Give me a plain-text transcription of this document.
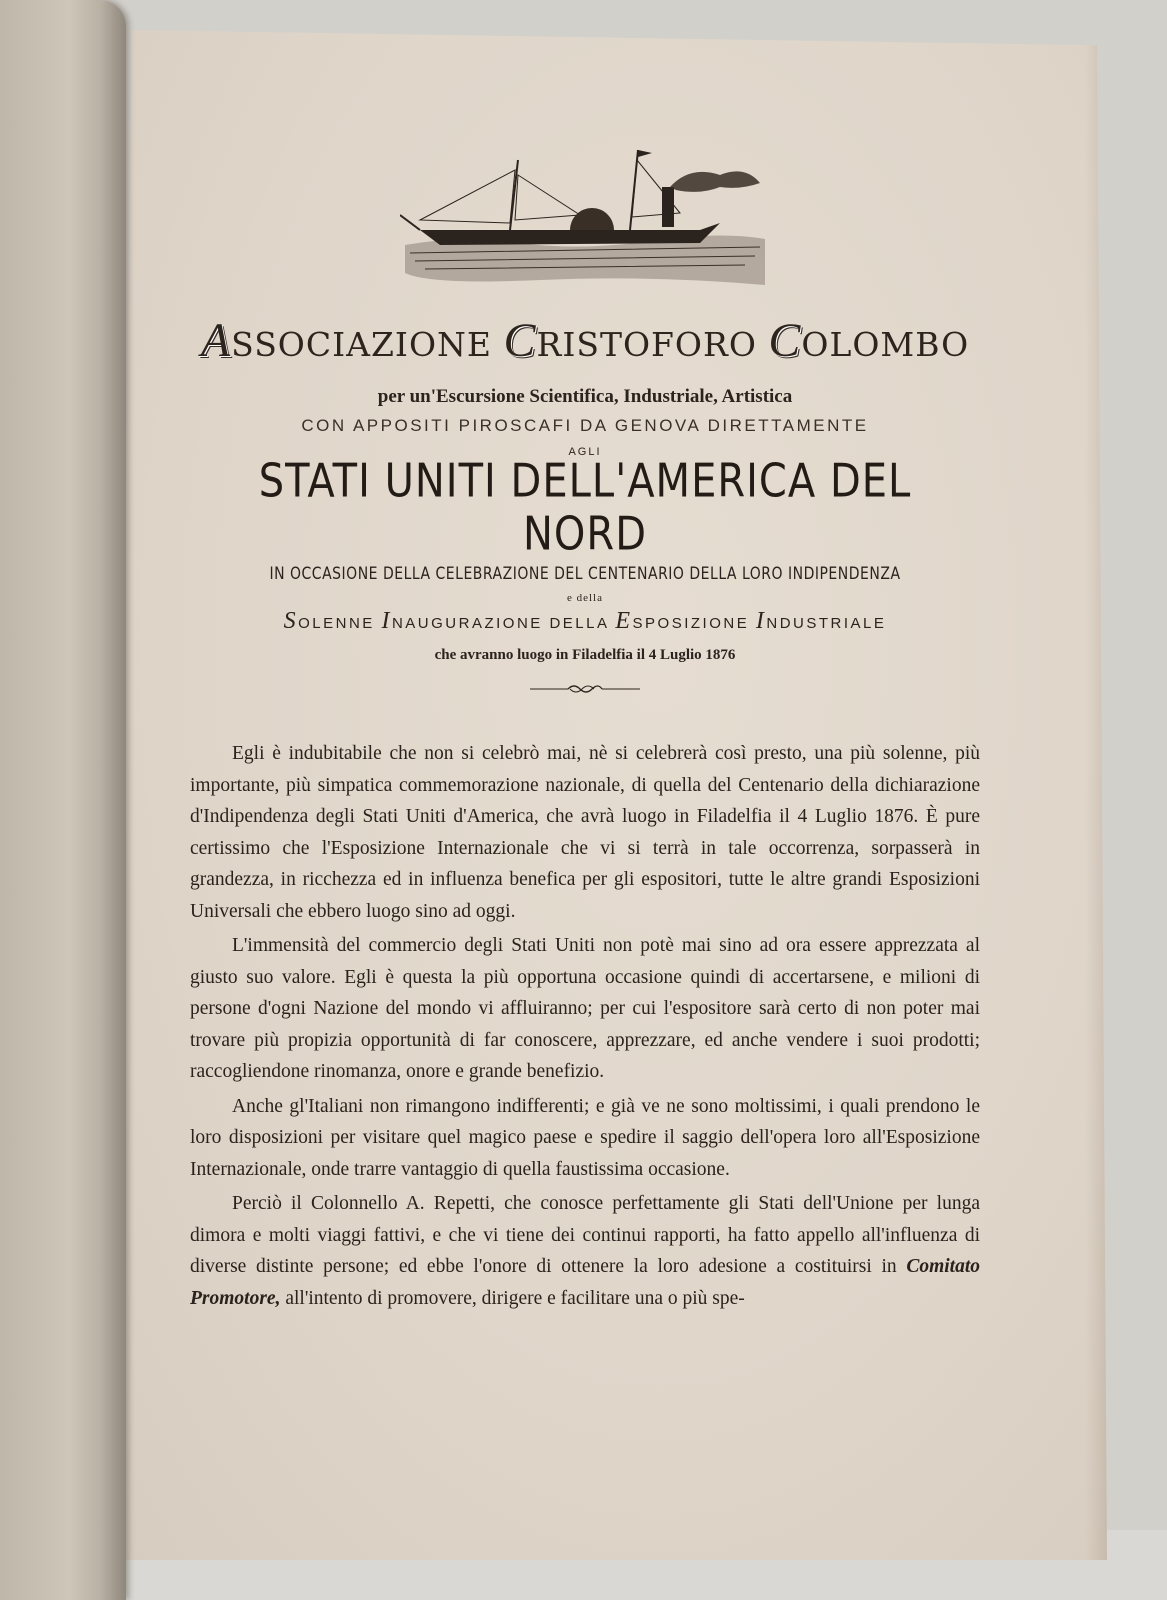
ASSOCIAZIONE CRISTOFORO COLOMBO
per un'Escursione Scientifica, Industriale, Artistica
CON APPOSITI PIROSCAFI DA GENOVA DIRETTAMENTE
AGLI
STATI UNITI DELL'AMERICA DEL NORD
IN OCCASIONE DELLA CELEBRAZIONE DEL CENTENARIO DELLA LORO INDIPENDENZA
e della
SOLENNE INAUGURAZIONE DELLA ESPOSIZIONE INDUSTRIALE
che avranno luogo in Filadelfia il 4 Luglio 1876

Egli è indubitabile che non si celebrò mai, nè si celebrerà così presto, una più solenne, più importante, più simpatica commemorazione nazionale, di quella del Centenario della dichiarazione d'Indipendenza degli Stati Uniti d'America, che avrà luogo in Filadelfia il 4 Luglio 1876. È pure certissimo che l'Esposizione Internazionale che vi si terrà in tale occorrenza, sorpasserà in grandezza, in ricchezza ed in influenza benefica per gli espositori, tutte le altre grandi Esposizioni Universali che ebbero luogo sino ad oggi.

L'immensità del commercio degli Stati Uniti non potè mai sino ad ora essere apprezzata al giusto suo valore. Egli è questa la più opportuna occasione quindi di accertarsene, e milioni di persone d'ogni Nazione del mondo vi affluiranno; per cui l'espositore sarà certo di non poter mai trovare più propizia opportunità di far conoscere, apprezzare, ed anche vendere i suoi prodotti; raccogliendone rinomanza, onore e grande benefizio.

Anche gl'Italiani non rimangono indifferenti; e già ve ne sono moltissimi, i quali prendono le loro disposizioni per visitare quel magico paese e spedire il saggio dell'opera loro all'Esposizione Internazionale, onde trarre vantaggio di quella faustissima occasione.

Perciò il Colonnello A. Repetti, che conosce perfettamente gli Stati dell'Unione per lunga dimora e molti viaggi fattivi, e che vi tiene dei continui rapporti, ha fatto appello all'influenza di diverse distinte persone; ed ebbe l'onore di ottenere la loro adesione a costituirsi in Comitato Promotore, all'intento di promovere, dirigere e facilitare una o più spe-
